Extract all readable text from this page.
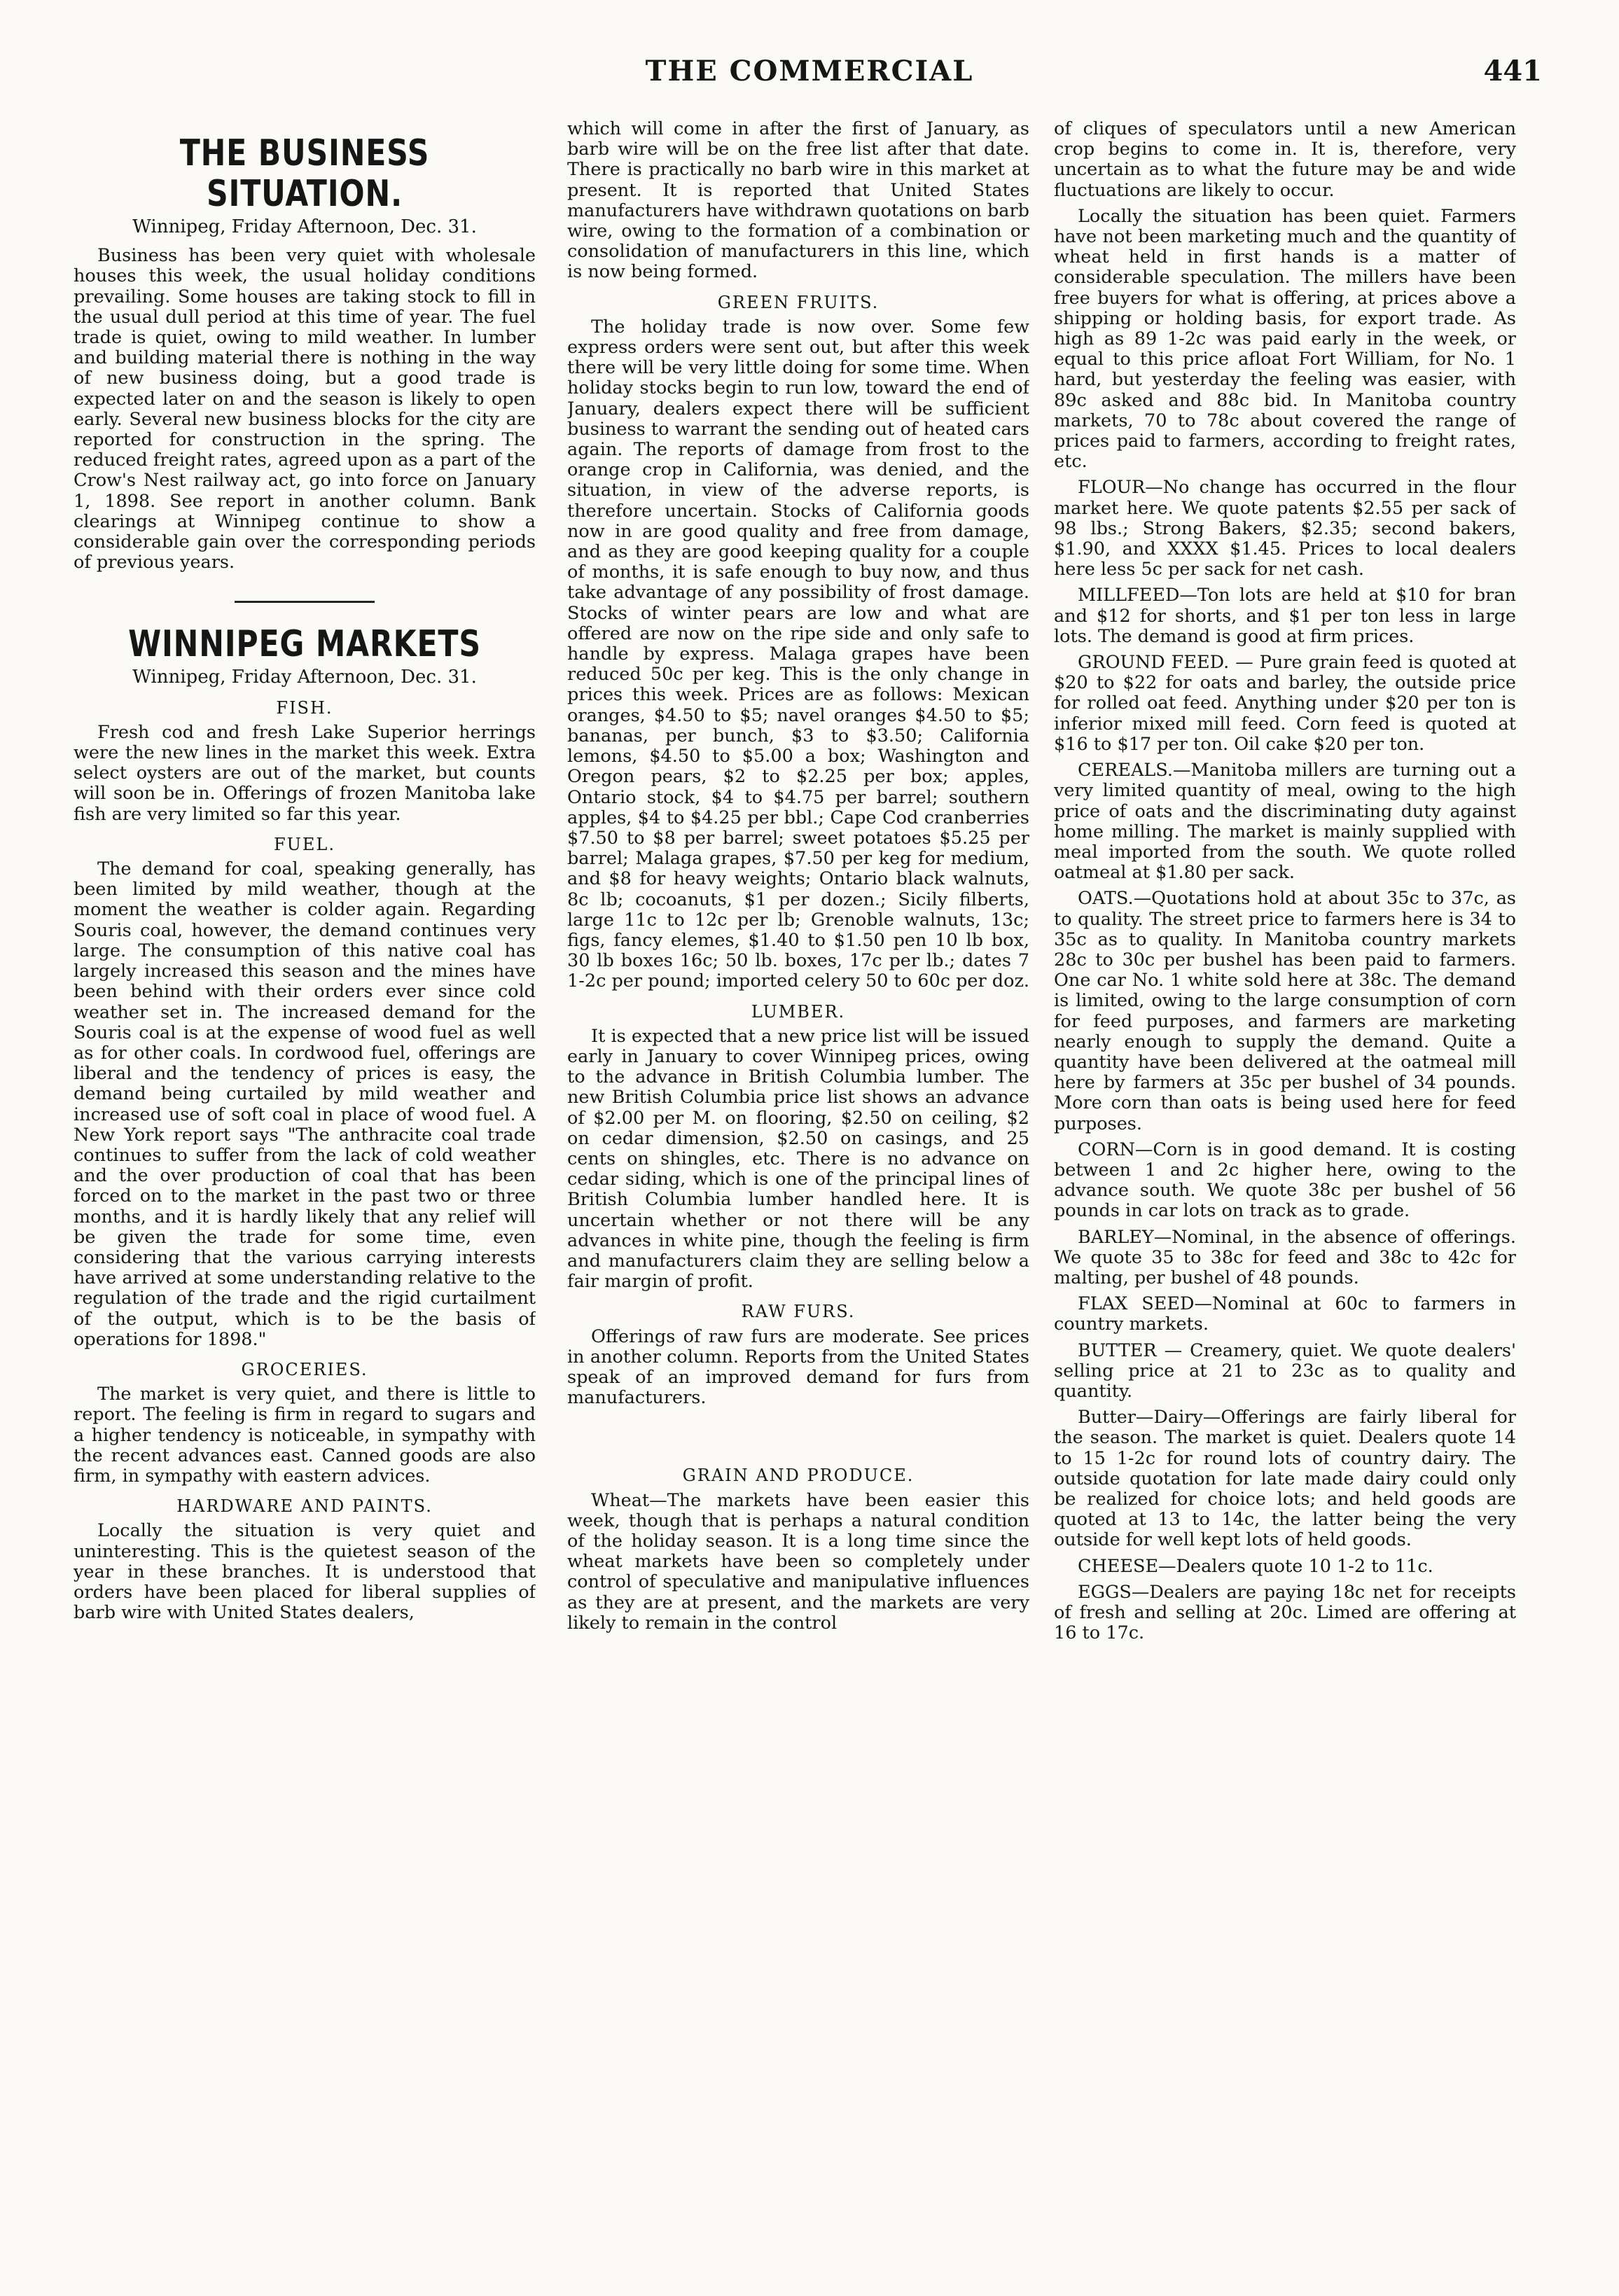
THE COMMERCIAL	441
THE BUSINESS SITUATION.
Winnipeg, Friday Afternoon, Dec. 31.

Business has been very quiet with wholesale houses this week, the usual holiday conditions prevailing. Some houses are taking stock to fill in the usual dull period at this time of year. The fuel trade is quiet, owing to mild weather. In lumber and building material there is nothing in the way of new business doing, but a good trade is expected later on and the season is likely to open early. Several new business blocks for the city are reported for construction in the spring. The reduced freight rates, agreed upon as a part of the Crow's Nest railway act, go into force on January 1, 1898. See report in another column. Bank clearings at Winnipeg continue to show a considerable gain over the corresponding periods of previous years.

WINNIPEG MARKETS
Winnipeg, Friday Afternoon, Dec. 31.
FISH.

Fresh cod and fresh Lake Superior herrings were the new lines in the market this week. Extra select oysters are out of the market, but counts will soon be in. Offerings of frozen Manitoba lake fish are very limited so far this year.

FUEL.

The demand for coal, speaking generally, has been limited by mild weather, though at the moment the weather is colder again. Regarding Souris coal, however, the demand continues very large. The consumption of this native coal has largely increased this season and the mines have been behind with their orders ever since cold weather set in. The increased demand for the Souris coal is at the expense of wood fuel as well as for other coals. In cordwood fuel, offerings are liberal and the tendency of prices is easy, the demand being curtailed by mild weather and increased use of soft coal in place of wood fuel. A New York report says "The anthracite coal trade continues to suffer from the lack of cold weather and the over production of coal that has been forced on to the market in the past two or three months, and it is hardly likely that any relief will be given the trade for some time, even considering that the various carrying interests have arrived at some understanding relative to the regulation of the trade and the rigid curtailment of the output, which is to be the basis of operations for 1898."

GROCERIES.

The market is very quiet, and there is little to report. The feeling is firm in regard to sugars and a higher tendency is noticeable, in sympathy with the recent advances east. Canned goods are also firm, in sympathy with eastern advices.

HARDWARE AND PAINTS.

Locally the situation is very quiet and uninteresting. This is the quietest season of the year in these branches. It is understood that orders have been placed for liberal supplies of barb wire with United States dealers,

which will come in after the first of January, as barb wire will be on the free list after that date. There is practically no barb wire in this market at present. It is reported that United States manufacturers have withdrawn quotations on barb wire, owing to the formation of a combination or consolidation of manufacturers in this line, which is now being formed.

GREEN FRUITS.

The holiday trade is now over. Some few express orders were sent out, but after this week there will be very little doing for some time. When holiday stocks begin to run low, toward the end of January, dealers expect there will be sufficient business to warrant the sending out of heated cars again. The reports of damage from frost to the orange crop in California, was denied, and the situation, in view of the adverse reports, is therefore uncertain. Stocks of California goods now in are good quality and free from damage, and as they are good keeping quality for a couple of months, it is safe enough to buy now, and thus take advantage of any possibility of frost damage. Stocks of winter pears are low and what are offered are now on the ripe side and only safe to handle by express. Malaga grapes have been reduced 50c per keg. This is the only change in prices this week. Prices are as follows: Mexican oranges, $4.50 to $5; navel oranges $4.50 to $5; bananas, per bunch, $3 to $3.50; California lemons, $4.50 to $5.00 a box; Washington and Oregon pears, $2 to $2.25 per box; apples, Ontario stock, $4 to $4.75 per barrel; southern apples, $4 to $4.25 per bbl.; Cape Cod cranberries $7.50 to $8 per barrel; sweet potatoes $5.25 per barrel; Malaga grapes, $7.50 per keg for medium, and $8 for heavy weights; Ontario black walnuts, 8c lb; cocoanuts, $1 per dozen.; Sicily filberts, large 11c to 12c per lb; Grenoble walnuts, 13c; figs, fancy elemes, $1.40 to $1.50 pen 10 lb box, 30 lb boxes 16c; 50 lb. boxes, 17c per lb.; dates 7 1-2c per pound; imported celery 50 to 60c per doz.

LUMBER.

It is expected that a new price list will be issued early in January to cover Winnipeg prices, owing to the advance in British Columbia lumber. The new British Columbia price list shows an advance of $2.00 per M. on flooring, $2.50 on ceiling, $2 on cedar dimension, $2.50 on casings, and 25 cents on shingles, etc. There is no advance on cedar siding, which is one of the principal lines of British Columbia lumber handled here. It is uncertain whether or not there will be any advances in white pine, though the feeling is firm and manufacturers claim they are selling below a fair margin of profit.

RAW FURS.

Offerings of raw furs are moderate. See prices in another column. Reports from the United States speak of an improved demand for furs from manufacturers.

GRAIN AND PRODUCE.

Wheat—The markets have been easier this week, though that is perhaps a natural condition of the holiday season. It is a long time since the wheat markets have been so completely under control of speculative and manipulative influences as they are at present, and the markets are very likely to remain in the control

of cliques of speculators until a new American crop begins to come in. It is, therefore, very uncertain as to what the future may be and wide fluctuations are likely to occur.

Locally the situation has been quiet. Farmers have not been marketing much and the quantity of wheat held in first hands is a matter of considerable speculation. The millers have been free buyers for what is offering, at prices above a shipping or holding basis, for export trade. As high as 89 1-2c was paid early in the week, or equal to this price afloat Fort William, for No. 1 hard, but yesterday the feeling was easier, with 89c asked and 88c bid. In Manitoba country markets, 70 to 78c about covered the range of prices paid to farmers, according to freight rates, etc.

FLOUR—No change has occurred in the flour market here. We quote patents $2.55 per sack of 98 lbs.; Strong Bakers, $2.35; second bakers, $1.90, and XXXX $1.45. Prices to local dealers here less 5c per sack for net cash.

MILLFEED—Ton lots are held at $10 for bran and $12 for shorts, and $1 per ton less in large lots. The demand is good at firm prices.

GROUND FEED. — Pure grain feed is quoted at $20 to $22 for oats and barley, the outside price for rolled oat feed. Anything under $20 per ton is inferior mixed mill feed. Corn feed is quoted at $16 to $17 per ton. Oil cake $20 per ton.

CEREALS.—Manitoba millers are turning out a very limited quantity of meal, owing to the high price of oats and the discriminating duty against home milling. The market is mainly supplied with meal imported from the south. We quote rolled oatmeal at $1.80 per sack.

OATS.—Quotations hold at about 35c to 37c, as to quality. The street price to farmers here is 34 to 35c as to quality. In Manitoba country markets 28c to 30c per bushel has been paid to farmers. One car No. 1 white sold here at 38c. The demand is limited, owing to the large consumption of corn for feed purposes, and farmers are marketing nearly enough to supply the demand. Quite a quantity have been delivered at the oatmeal mill here by farmers at 35c per bushel of 34 pounds. More corn than oats is being used here for feed purposes.

CORN—Corn is in good demand. It is costing between 1 and 2c higher here, owing to the advance south. We quote 38c per bushel of 56 pounds in car lots on track as to grade.

BARLEY—Nominal, in the absence of offerings. We quote 35 to 38c for feed and 38c to 42c for malting, per bushel of 48 pounds.

FLAX SEED—Nominal at 60c to farmers in country markets.

BUTTER — Creamery, quiet. We quote dealers' selling price at 21 to 23c as to quality and quantity.

Butter—Dairy—Offerings are fairly liberal for the season. The market is quiet. Dealers quote 14 to 15 1-2c for round lots of country dairy. The outside quotation for late made dairy could only be realized for choice lots; and held goods are quoted at 13 to 14c, the latter being the very outside for well kept lots of held goods.

CHEESE—Dealers quote 10 1-2 to 11c.

EGGS—Dealers are paying 18c net for receipts of fresh and selling at 20c. Limed are offering at 16 to 17c.
